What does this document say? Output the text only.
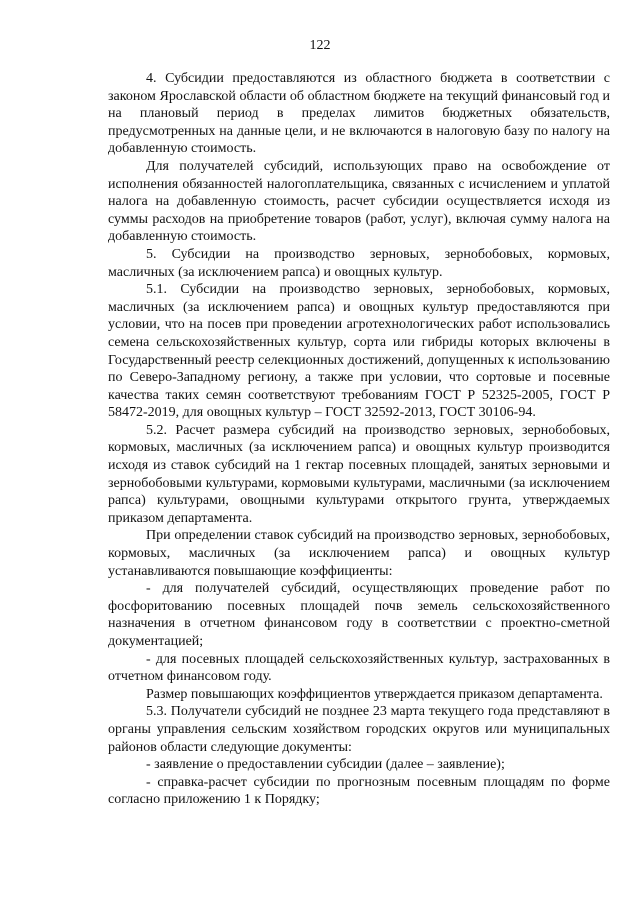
122

4. Субсидии предоставляются из областного бюджета в соответствии с законом Ярославской области об областном бюджете на текущий финансовый год и на плановый период в пределах лимитов бюджетных обязательств, предусмотренных на данные цели, и не включаются в налоговую базу по налогу на добавленную стоимость.

Для получателей субсидий, использующих право на освобождение от исполнения обязанностей налогоплательщика, связанных с исчислением и уплатой налога на добавленную стоимость, расчет субсидии осуществляется исходя из суммы расходов на приобретение товаров (работ, услуг), включая сумму налога на добавленную стоимость.

5. Субсидии на производство зерновых, зернобобовых, кормовых, масличных (за исключением рапса) и овощных культур.

5.1. Субсидии на производство зерновых, зернобобовых, кормовых, масличных (за исключением рапса) и овощных культур предоставляются при условии, что на посев при проведении агротехнологических работ использовались семена сельскохозяйственных культур, сорта или гибриды которых включены в Государственный реестр селекционных достижений, допущенных к использованию по Северо-Западному региону, а также при условии, что сортовые и посевные качества таких семян соответствуют требованиям ГОСТ Р 52325-2005, ГОСТ Р 58472-2019, для овощных культур – ГОСТ 32592-2013, ГОСТ 30106-94.

5.2. Расчет размера субсидий на производство зерновых, зернобобовых, кормовых, масличных (за исключением рапса) и овощных культур производится исходя из ставок субсидий на 1 гектар посевных площадей, занятых зерновыми и зернобобовыми культурами, кормовыми культурами, масличными (за исключением рапса) культурами, овощными культурами открытого грунта, утверждаемых приказом департамента.

При определении ставок субсидий на производство зерновых, зернобобовых, кормовых, масличных (за исключением рапса) и овощных культур устанавливаются повышающие коэффициенты:

- для получателей субсидий, осуществляющих проведение работ по фосфоритованию посевных площадей почв земель сельскохозяйственного назначения в отчетном финансовом году в соответствии с проектно-сметной документацией;

- для посевных площадей сельскохозяйственных культур, застрахованных в отчетном финансовом году.

Размер повышающих коэффициентов утверждается приказом департамента.

5.3. Получатели субсидий не позднее 23 марта текущего года представляют в органы управления сельским хозяйством городских округов или муниципальных районов области следующие документы:

- заявление о предоставлении субсидии (далее – заявление);

- справка-расчет субсидии по прогнозным посевным площадям по форме согласно приложению 1 к Порядку;
